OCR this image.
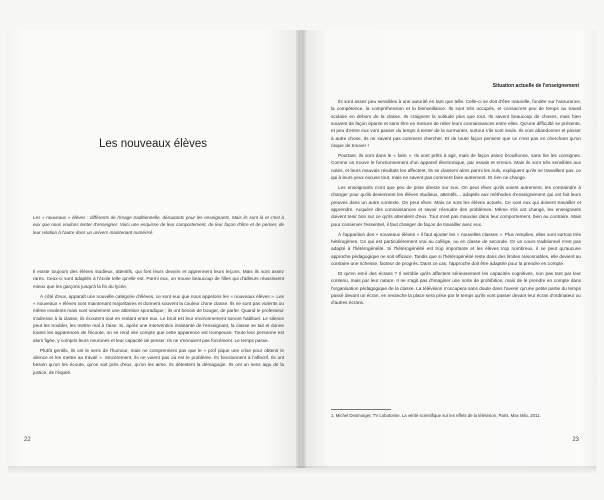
Les nouveaux élèves
Les « nouveaux » élèves : différents de l'image traditionnelle, déroutants pour les enseignants. Mais ils sont là et c'est à eux que nous voulons tenter d'enseigner. Voici une esquisse de leur comportement, de leur façon d'être et de penser, de leur relation à l'autre dans un univers maintenant numérisé.

Il existe toujours des élèves studieux, attentifs, qui font leurs devoirs et apprennent leurs leçons. Mais ils sont assez rares. Ceux-ci sont adaptés à l'école telle qu'elle est. Parmi eux, on trouve beaucoup de filles qui d'ailleurs réussissent mieux que les garçons jusqu'à la fin du lycée.

À côté d'eux, apparaît une nouvelle catégorie d'élèves, ce sont eux que nous appelons les « nouveaux élèves ». Les « nouveaux » élèves sont maintenant majoritaires et donnent souvent la couleur d'une classe. Ils ne sont pas violents ou même insolents mais sont seulement une attention sporadique ; ils ont besoin de bouger, de parler. Quand le professeur s'adresse à la classe, ils écoutent tout en restant entre eux. Le bruit est leur environnement sonore habituel. Le silence peut les troubler, les mettre mal à l'aise. Si, après une intervention insistante de l'enseignant, la classe se tait et donne toutes les apparences de l'écoute, on se rend vite compte que cette apparence est trompeuse. Toute leur personne est alors figée, y compris leurs neurones et leur capacité de penser. Ils ne s'ennuient pas forcément. Le temps passe.

Plutôt gentils, ils ont le sens de l'humour, mais ne comprennent pas que le « prof pique une crise pour obtenir le silence et les mettre au travail ». Sincèrement, ils ne voient pas où est le problème. Ils fonctionnent à l'affectif. Ils ont besoin qu'on les écoute, qu'on soit près d'eux, qu'on les aime. Ils détestent la démagogie. Ils ont un sens aigu de la justice, de l'équité.

22
Situation actuelle de l'enseignement

Ils sont assez peu sensibles à une autorité en tant que telle. Celle-ci se doit d'être naturelle, fondée sur l'assurance, la compétence, la compréhension et la bienveillance. Ils sont très occupés, et consacrent peu de temps au travail scolaire en dehors de la classe. Ils craignent la solitude plus que tout. Ils savent beaucoup de choses, mais bien souvent de façon éparse et sans être en mesure de relier leurs connaissances entre elles. Qu'une difficulté se présente, et peu d'entre eux vont passer du temps à tenter de la surmonter, surtout s'ils sont seuls. Ils vont abandonner et passer à autre chose. Ils ne savent pas comment chercher. Et de toute façon pensent que ce n'est pas en cherchant qu'on risque de trouver !

Pourtant, ils sont dans le « faire ». Ils sont prêts à agir, mais de façon assez brouillonne, sans lire les consignes. Comme on trouve le fonctionnement d'un appareil électronique, par essais et erreurs. Mais ils sont très sensibles aux notes, et leurs mauvais résultats les affectent. Ils se classent alors parmi les nuls, expliquent qu'ils ne travaillent pas, ce qui à leurs yeux excuse tout, mais ne savent pas comment faire autrement. Et rien ne change.

Les enseignants n'ont que peu de prise directe sur eux. On peut rêver qu'ils soient autrement, les contraindre à changer pour qu'ils deviennent les élèves studieux, attentifs… adaptés aux méthodes d'enseignement qui ont fait leurs preuves dans un autre contexte. On peut rêver. Mais ce sont les élèves actuels. Ce sont eux qui doivent travailler et apprendre. Acquérir des connaissances et savoir résoudre des problèmes. Même s'ils ont changé, les enseignants doivent tenir bon sur ce qu'ils attendent d'eux. Tout n'est pas mauvais dans leur comportement, bien au contraire. Mais pour conserver l'essentiel, il faut changer de façon de travailler avec eux.

À l'apparition des « nouveaux élèves » il faut ajouter les « nouvelles classes ». Plus remplies, elles sont surtout très hétérogènes. Ce qui est particulièrement vrai au collège, ou en classe de seconde. Or un cours traditionnel n'est pas adapté à l'hétérogénéité. Si l'hétérogénéité est trop importante et les élèves trop nombreux, il se peut qu'aucune approche pédagogique ne soit efficace. Tandis que si l'hétérogénéité reste dans des limites raisonnables, elle devient au contraire une richesse, facteur de progrès. Dans ce cas, l'approche doit être adaptée pour la prendre en compte.

Et qu'en est-il des écrans ? Il semble qu'ils affectent sérieusement les capacités cognitives, non pas tant par leur contenu, mais par leur nature. Il ne s'agit pas d'imaginer une sorte de prohibition, mais de le prendre en compte dans l'organisation pédagogique de la classe. La télévision n'occupera sans doute dans l'avenir qu'une petite partie du temps passé devant un écran, en revanche la place sera prise par le temps qu'ils vont passer devant leur écran d'ordinateur ou d'autres écrans.

1. Michel Desmurget, TV Lobotomie. La vérité scientifique sur les effets de la télévision, Paris, Max Milo, 2011.
23
